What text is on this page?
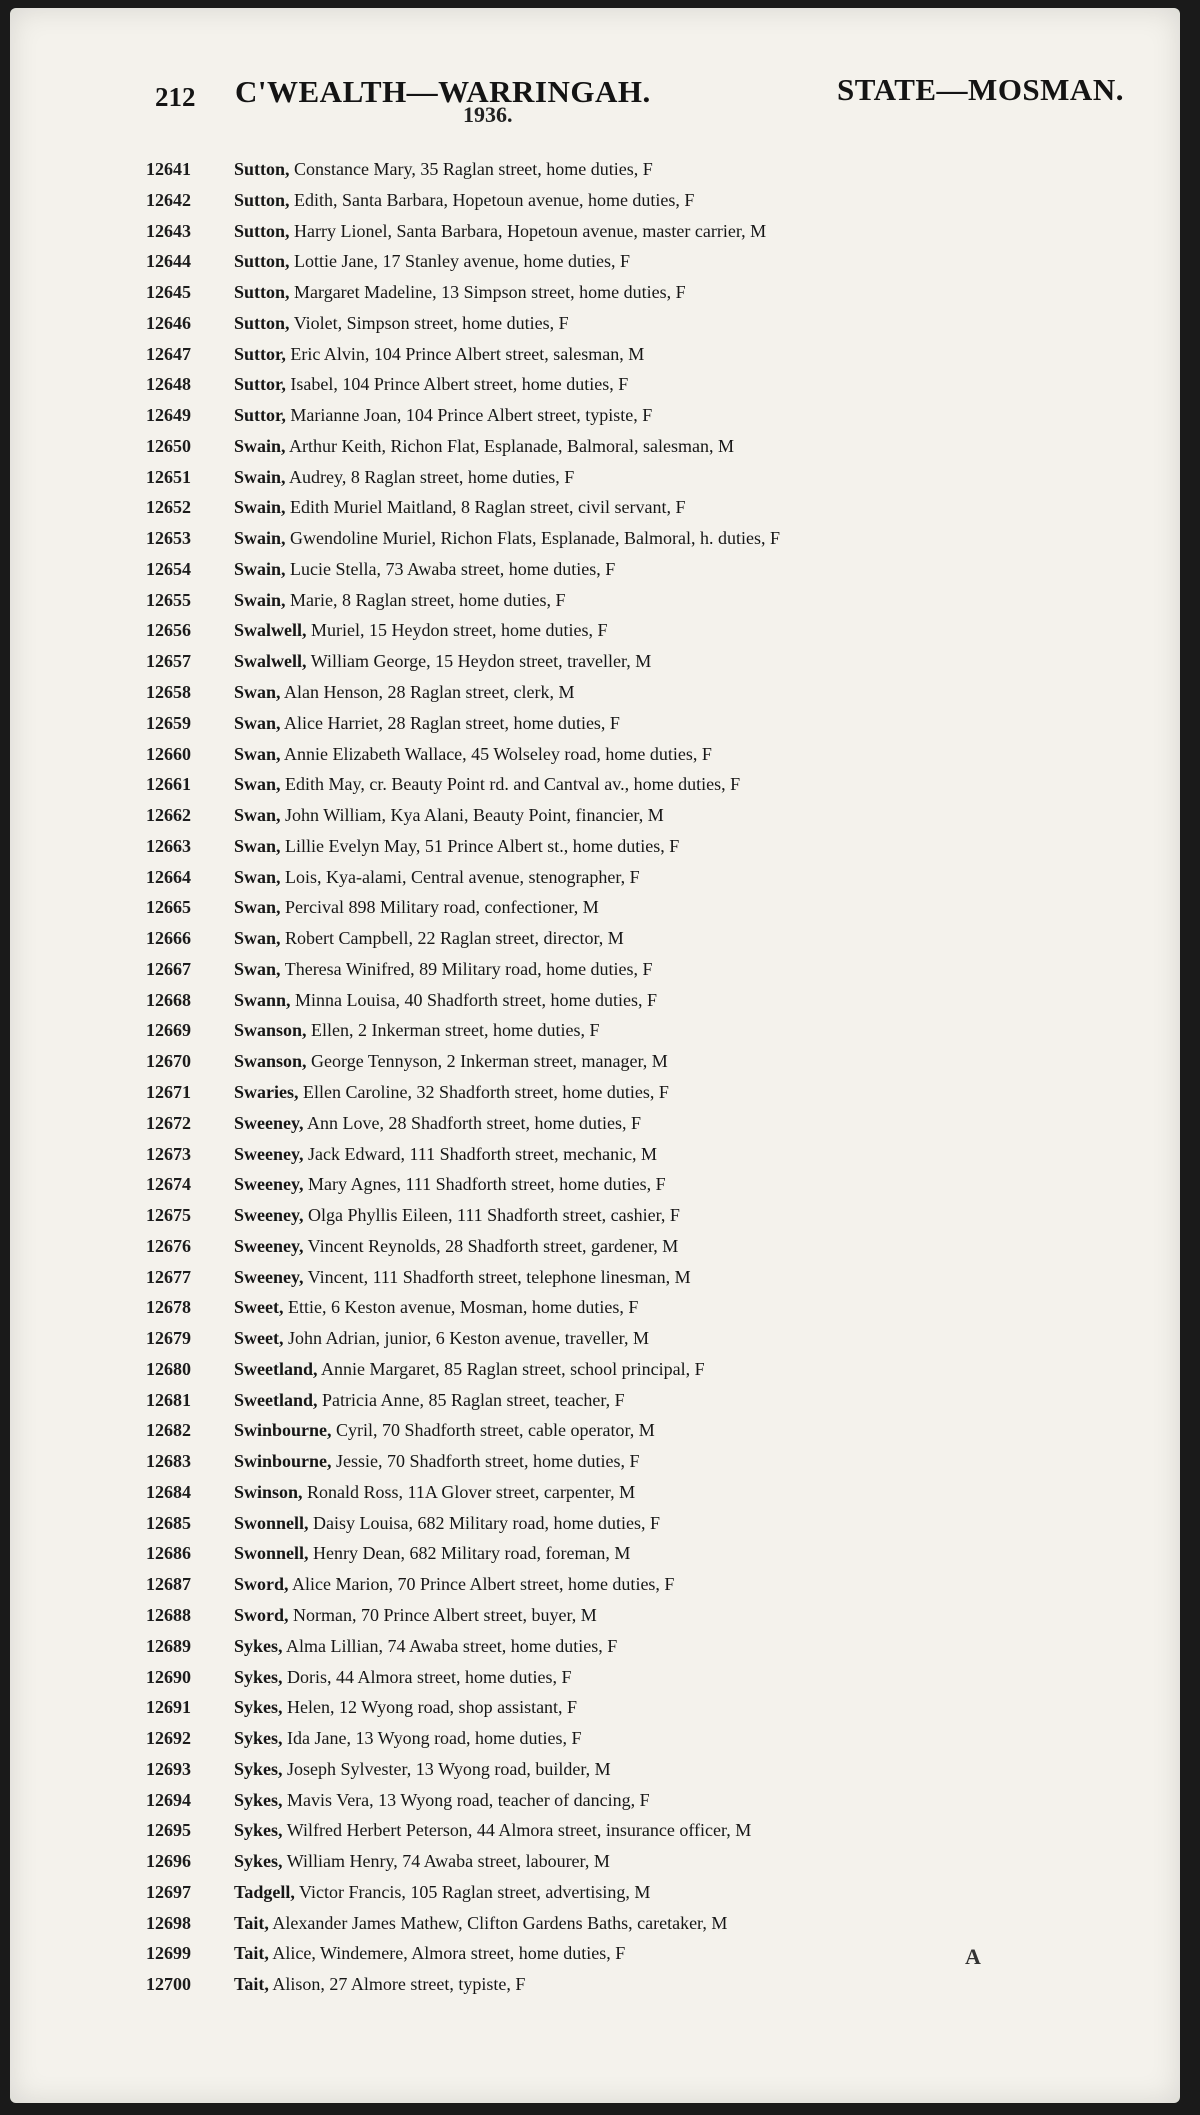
212 C'WEALTH—WARRINGAH.	STATE—MOSMAN.
1936.
12641 Sutton, Constance Mary, 35 Raglan street, home duties, F
12642 Sutton, Edith, Santa Barbara, Hopetoun avenue, home duties, F
12643 Sutton, Harry Lionel, Santa Barbara, Hopetoun avenue, master carrier, M
12644 Sutton, Lottie Jane, 17 Stanley avenue, home duties, F
12645 Sutton, Margaret Madeline, 13 Simpson street, home duties, F
12646 Sutton, Violet, Simpson street, home duties, F
12647 Suttor, Eric Alvin, 104 Prince Albert street, salesman, M
12648 Suttor, Isabel, 104 Prince Albert street, home duties, F
12649 Suttor, Marianne Joan, 104 Prince Albert street, typiste, F
12650 Swain, Arthur Keith, Richon Flat, Esplanade, Balmoral, salesman, M
12651 Swain, Audrey, 8 Raglan street, home duties, F
12652 Swain, Edith Muriel Maitland, 8 Raglan street, civil servant, F
12653 Swain, Gwendoline Muriel, Richon Flats, Esplanade, Balmoral, h. duties, F
12654 Swain, Lucie Stella, 73 Awaba street, home duties, F
12655 Swain, Marie, 8 Raglan street, home duties, F
12656 Swalwell, Muriel, 15 Heydon street, home duties, F
12657 Swalwell, William George, 15 Heydon street, traveller, M
12658 Swan, Alan Henson, 28 Raglan street, clerk, M
12659 Swan, Alice Harriet, 28 Raglan street, home duties, F
12660 Swan, Annie Elizabeth Wallace, 45 Wolseley road, home duties, F
12661 Swan, Edith May, cr. Beauty Point rd. and Cantval av., home duties, F
12662 Swan, John William, Kya Alani, Beauty Point, financier, M
12663 Swan, Lillie Evelyn May, 51 Prince Albert st., home duties, F
12664 Swan, Lois, Kya-alami, Central avenue, stenographer, F
12665 Swan, Percival 898 Military road, confectioner, M
12666 Swan, Robert Campbell, 22 Raglan street, director, M
12667 Swan, Theresa Winifred, 89 Military road, home duties, F
12668 Swann, Minna Louisa, 40 Shadforth street, home duties, F
12669 Swanson, Ellen, 2 Inkerman street, home duties, F
12670 Swanson, George Tennyson, 2 Inkerman street, manager, M
12671 Swaries, Ellen Caroline, 32 Shadforth street, home duties, F
12672 Sweeney, Ann Love, 28 Shadforth street, home duties, F
12673 Sweeney, Jack Edward, 111 Shadforth street, mechanic, M
12674 Sweeney, Mary Agnes, 111 Shadforth street, home duties, F
12675 Sweeney, Olga Phyllis Eileen, 111 Shadforth street, cashier, F
12676 Sweeney, Vincent Reynolds, 28 Shadforth street, gardener, M
12677 Sweeney, Vincent, 111 Shadforth street, telephone linesman, M
12678 Sweet, Ettie, 6 Keston avenue, Mosman, home duties, F
12679 Sweet, John Adrian, junior, 6 Keston avenue, traveller, M
12680 Sweetland, Annie Margaret, 85 Raglan street, school principal, F
12681 Sweetland, Patricia Anne, 85 Raglan street, teacher, F
12682 Swinbourne, Cyril, 70 Shadforth street, cable operator, M
12683 Swinbourne, Jessie, 70 Shadforth street, home duties, F
12684 Swinson, Ronald Ross, 11A Glover street, carpenter, M
12685 Swonnell, Daisy Louisa, 682 Military road, home duties, F
12686 Swonnell, Henry Dean, 682 Military road, foreman, M
12687 Sword, Alice Marion, 70 Prince Albert street, home duties, F
12688 Sword, Norman, 70 Prince Albert street, buyer, M
12689 Sykes, Alma Lillian, 74 Awaba street, home duties, F
12690 Sykes, Doris, 44 Almora street, home duties, F
12691 Sykes, Helen, 12 Wyong road, shop assistant, F
12692 Sykes, Ida Jane, 13 Wyong road, home duties, F
12693 Sykes, Joseph Sylvester, 13 Wyong road, builder, M
12694 Sykes, Mavis Vera, 13 Wyong road, teacher of dancing, F
12695 Sykes, Wilfred Herbert Peterson, 44 Almora street, insurance officer, M
12696 Sykes, William Henry, 74 Awaba street, labourer, M
12697 Tadgell, Victor Francis, 105 Raglan street, advertising, M
12698 Tait, Alexander James Mathew, Clifton Gardens Baths, caretaker, M
12699 Tait, Alice, Windemere, Almora street, home duties, F
12700 Tait, Alison, 27 Almore street, typiste, F
A
